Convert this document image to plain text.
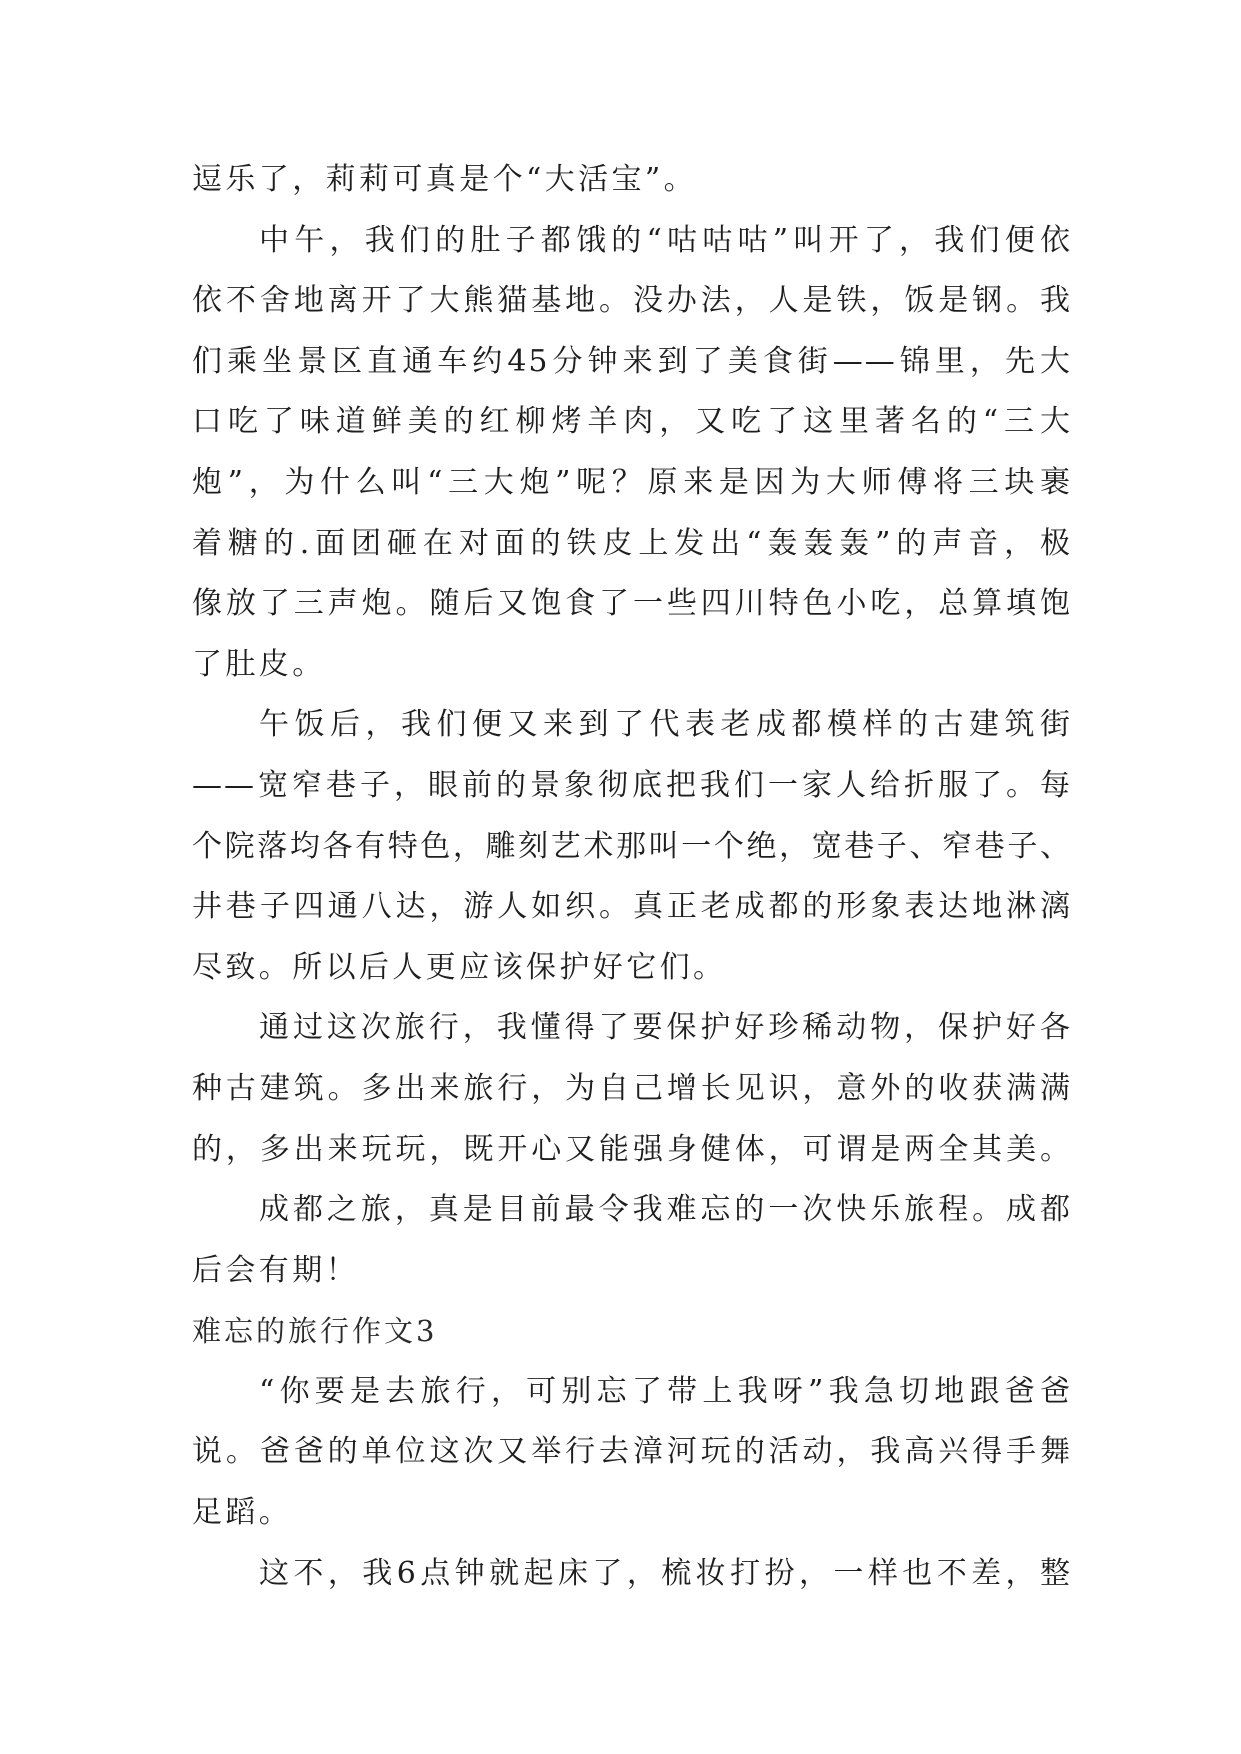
逗乐了，莉莉可真是个“大活宝”。
中午，我们的肚子都饿的“咕咕咕”叫开了，我们便依
依不舍地离开了大熊猫基地。没办法，人是铁，饭是钢。我
们乘坐景区直通车约45分钟来到了美食街——锦里，先大
口吃了味道鲜美的红柳烤羊肉，又吃了这里著名的“三大
炮”，为什么叫“三大炮”呢？原来是因为大师傅将三块裹
着糖的.面团砸在对面的铁皮上发出“轰轰轰”的声音，极
像放了三声炮。随后又饱食了一些四川特色小吃，总算填饱
了肚皮。
午饭后，我们便又来到了代表老成都模样的古建筑街
——宽窄巷子，眼前的景象彻底把我们一家人给折服了。每
个院落均各有特色，雕刻艺术那叫一个绝，宽巷子、窄巷子、
井巷子四通八达，游人如织。真正老成都的形象表达地淋漓
尽致。所以后人更应该保护好它们。
通过这次旅行，我懂得了要保护好珍稀动物，保护好各
种古建筑。多出来旅行，为自己增长见识，意外的收获满满
的，多出来玩玩，既开心又能强身健体，可谓是两全其美。
成都之旅，真是目前最令我难忘的一次快乐旅程。成都
后会有期！
难忘的旅行作文3
“你要是去旅行，可别忘了带上我呀”我急切地跟爸爸
说。爸爸的单位这次又举行去漳河玩的活动，我高兴得手舞
足蹈。
这不，我6点钟就起床了，梳妆打扮，一样也不差，整
